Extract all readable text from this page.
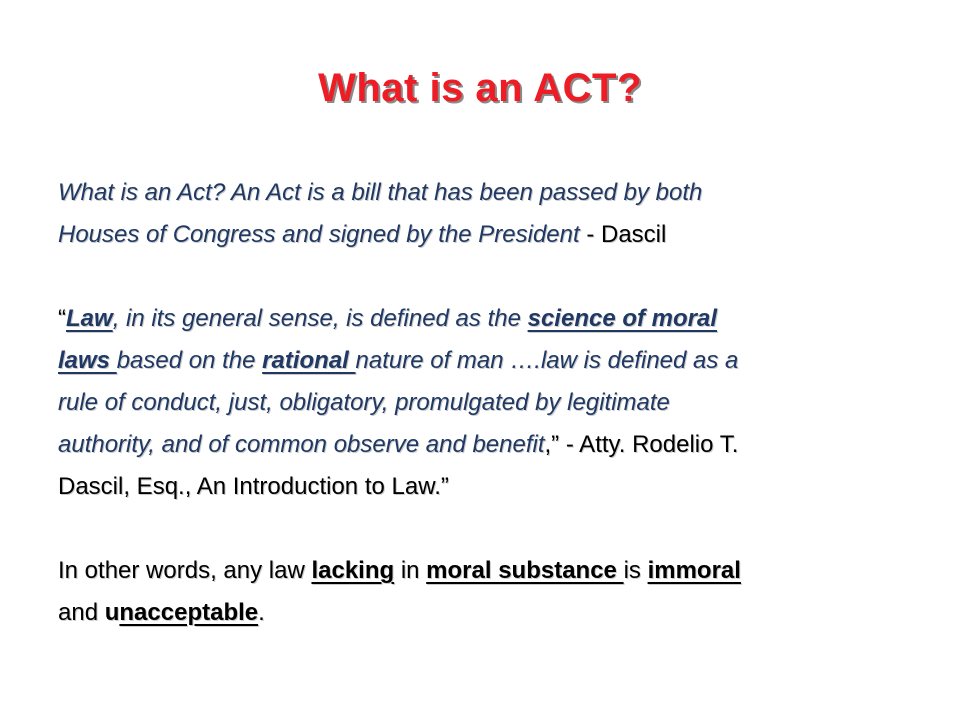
What is an ACT?
What is an Act? An Act is a bill that has been passed by both
Houses of Congress and signed by the President - Dascil
“Law, in its general sense, is defined as the science of moral
laws based on the rational nature of man ….law is defined as a
rule of conduct, just, obligatory, promulgated by legitimate
authority, and of common observe and benefit,” - Atty. Rodelio T.
Dascil, Esq., An Introduction to Law.”
In other words, any law lacking in moral substance is immoral
and unacceptable.
